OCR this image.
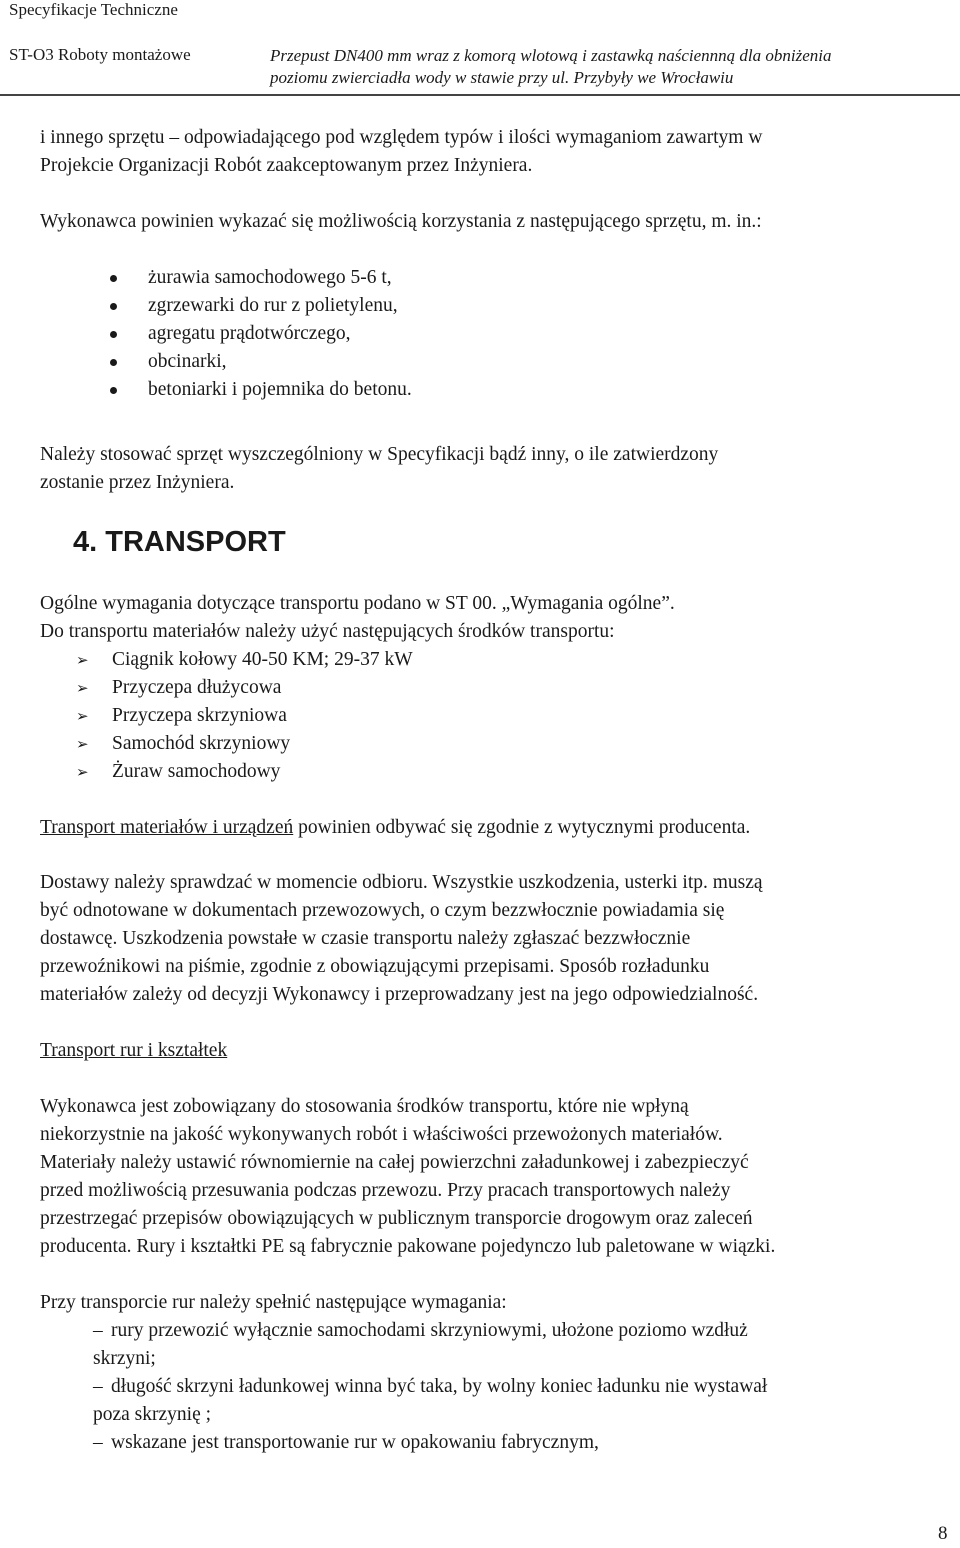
Specyfikacje Techniczne
ST-O3 Roboty montażowe	Przepust DN400 mm wraz z komorą wlotową i zastawką naściennną dla obniżenia
poziomu zwierciadła wody w stawie przy ul. Przybyły we Wrocławiu
i innego sprzętu – odpowiadającego pod względem typów i ilości wymaganiom zawartym w
Projekcie Organizacji Robót zaakceptowanym przez Inżyniera.
Wykonawca powinien wykazać się możliwością korzystania z następującego sprzętu, m. in.:
żurawia samochodowego 5-6 t,
zgrzewarki do rur z polietylenu,
agregatu prądotwórczego,
obcinarki,
betoniarki i pojemnika do betonu.
Należy stosować sprzęt wyszczególniony w Specyfikacji bądź inny, o ile zatwierdzony
zostanie przez Inżyniera.
4. TRANSPORT
Ogólne wymagania dotyczące transportu podano w ST 00. „Wymagania ogólne”.
Do transportu materiałów należy użyć następujących środków transportu:
➢ Ciągnik kołowy 40-50 KM; 29-37 kW
➢ Przyczepa dłużycowa
➢ Przyczepa skrzyniowa
➢ Samochód skrzyniowy
➢ Żuraw samochodowy
Transport materiałów i urządzeń powinien odbywać się zgodnie z wytycznymi producenta.
Dostawy należy sprawdzać w momencie odbioru. Wszystkie uszkodzenia, usterki itp. muszą
być odnotowane w dokumentach przewozowych, o czym bezzwłocznie powiadamia się
dostawcę. Uszkodzenia powstałe w czasie transportu należy zgłaszać bezzwłocznie
przewoźnikowi na piśmie, zgodnie z obowiązującymi przepisami. Sposób rozładunku
materiałów zależy od decyzji Wykonawcy i przeprowadzany jest na jego odpowiedzialność.
Transport rur i kształtek
Wykonawca jest zobowiązany do stosowania środków transportu, które nie wpłyną
niekorzystnie na jakość wykonywanych robót i właściwości przewożonych materiałów.
Materiały należy ustawić równomiernie na całej powierzchni załadunkowej i zabezpieczyć
przed możliwością przesuwania podczas przewozu. Przy pracach transportowych należy
przestrzegać przepisów obowiązujących w publicznym transporcie drogowym oraz zaleceń
producenta. Rury i kształtki PE są fabrycznie pakowane pojedynczo lub paletowane w wiązki.
Przy transporcie rur należy spełnić następujące wymagania:
– rury przewozić wyłącznie samochodami skrzyniowymi, ułożone poziomo wzdłuż
skrzyni;
– długość skrzyni ładunkowej winna być taka, by wolny koniec ładunku nie wystawał
poza skrzynię ;
– wskazane jest transportowanie rur w opakowaniu fabrycznym,
8
